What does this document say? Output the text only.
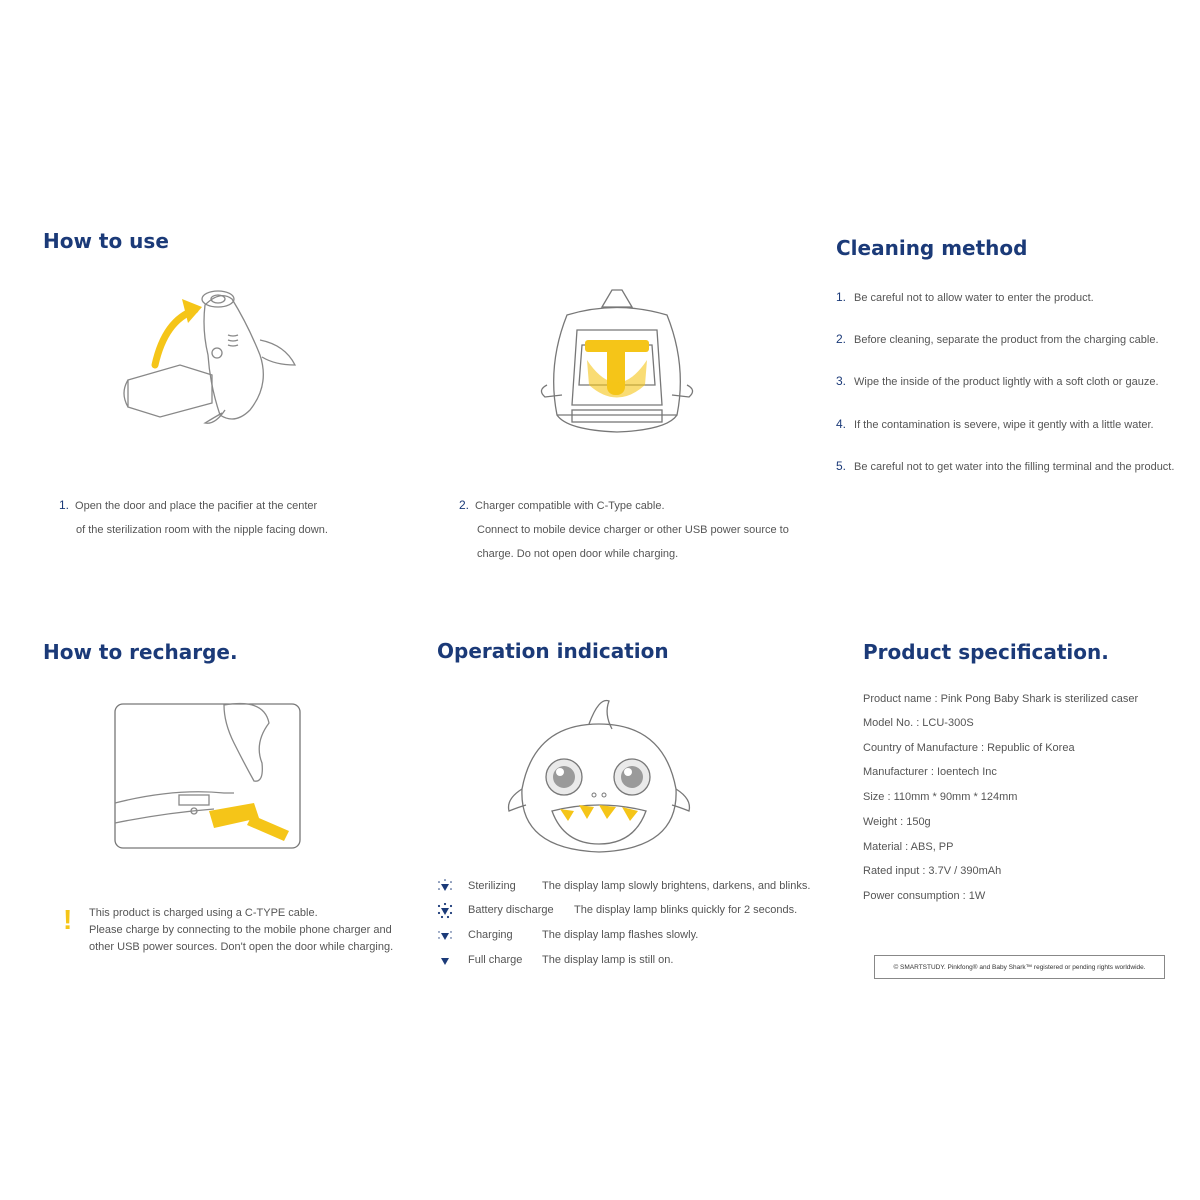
How to use
1. Open the door and place the pacifier at the center
of the sterilization room with the nipple facing down.
2. Charger compatible with C-Type cable.
Connect to mobile device charger or other USB power source to
charge. Do not open door while charging.
Cleaning method
1. Be careful not to allow water to enter the product.
2. Before cleaning, separate the product from the charging cable.
3. Wipe the inside of the product lightly with a soft cloth or gauze.
4. If the contamination is severe, wipe it gently with a little water.
5. Be careful not to get water into the filling terminal and the product.
How to recharge.
! This product is charged using a C-TYPE cable.
Please charge by connecting to the mobile phone charger and
other USB power sources. Don't open the door while charging.
Operation indication
Sterilizing The display lamp slowly brightens, darkens, and blinks.
Battery discharge The display lamp blinks quickly for 2 seconds.
Charging	The display lamp flashes slowly.
Full charge The display lamp is still on.
Product specification.
Product name : Pink Pong Baby Shark is sterilized caser
Model No. : LCU-300S
Country of Manufacture : Republic of Korea
Manufacturer : Ioentech Inc
Size : 110mm * 90mm * 124mm
Weight : 150g
Material : ABS, PP
Rated input : 3.7V / 390mAh
Power consumption : 1W
© SMARTSTUDY. Pinkfong® and Baby Shark™ registered or pending rights worldwide.
